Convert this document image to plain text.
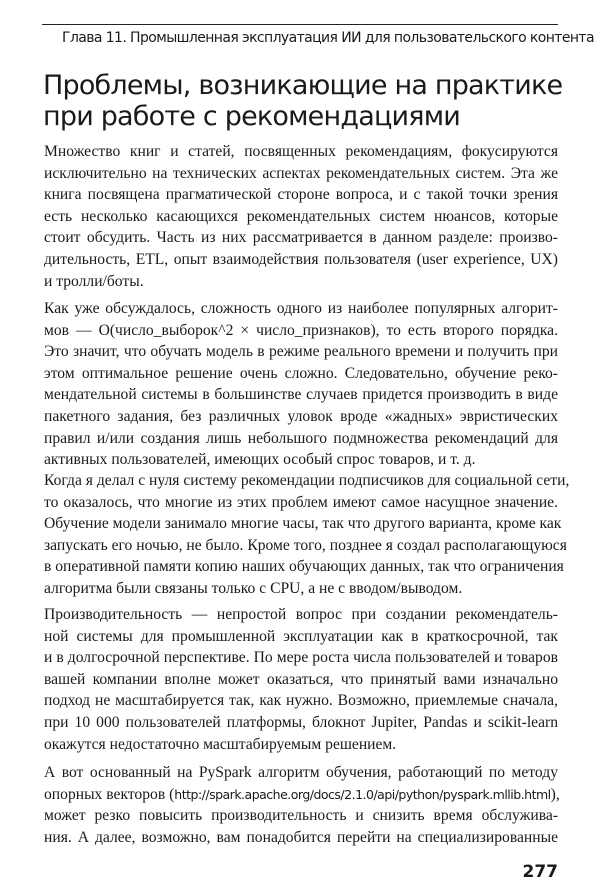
Глава 11. Промышленная эксплуатация ИИ для пользовательского контента
Проблемы, возникающие на практике
при работе с рекомендациями
Множество книг и статей, посвященных рекомендациям, фокусируются
исключительно на технических аспектах рекомендательных систем. Эта же
книга посвящена прагматической стороне вопроса, и с такой точки зрения
есть несколько касающихся рекомендательных систем нюансов, которые
стоит обсудить. Часть из них рассматривается в данном разделе: произво-
дительность, ETL, опыт взаимодействия пользователя (user experience, UX)
и тролли/боты.
Как уже обсуждалось, сложность одного из наиболее популярных алгорит-
мов — O(число_выборок^2 × число_признаков), то есть второго порядка.
Это значит, что обучать модель в режиме реального времени и получить при
этом оптимальное решение очень сложно. Следовательно, обучение реко-
мендательной системы в большинстве случаев придется производить в виде
пакетного задания, без различных уловок вроде «жадных» эвристических
правил и/или создания лишь небольшого подмножества рекомендаций для
активных пользователей, имеющих особый спрос товаров, и т. д.
Когда я делал с нуля систему рекомендации подписчиков для социальной сети,
то оказалось, что многие из этих проблем имеют самое насущное значение.
Обучение модели занимало многие часы, так что другого варианта, кроме как
запускать его ночью, не было. Кроме того, позднее я создал располагающуюся
в оперативной памяти копию наших обучающих данных, так что ограничения
алгоритма были связаны только с CPU, а не с вводом/выводом.
Производительность — непростой вопрос при создании рекомендатель-
ной системы для промышленной эксплуатации как в краткосрочной, так
и в долгосрочной перспективе. По мере роста числа пользователей и товаров
вашей компании вполне может оказаться, что принятый вами изначально
подход не масштабируется так, как нужно. Возможно, приемлемые сначала,
при 10 000 пользователей платформы, блокнот Jupiter, Pandas и scikit-learn
окажутся недостаточно масштабируемым решением.
А вот основанный на PySpark алгоритм обучения, работающий по методу
опорных векторов (http://spark.apache.org/docs/2.1.0/api/python/pyspark.mllib.html),
может резко повысить производительность и снизить время обслужива-
ния. А далее, возможно, вам понадобится перейти на специализированные
277
